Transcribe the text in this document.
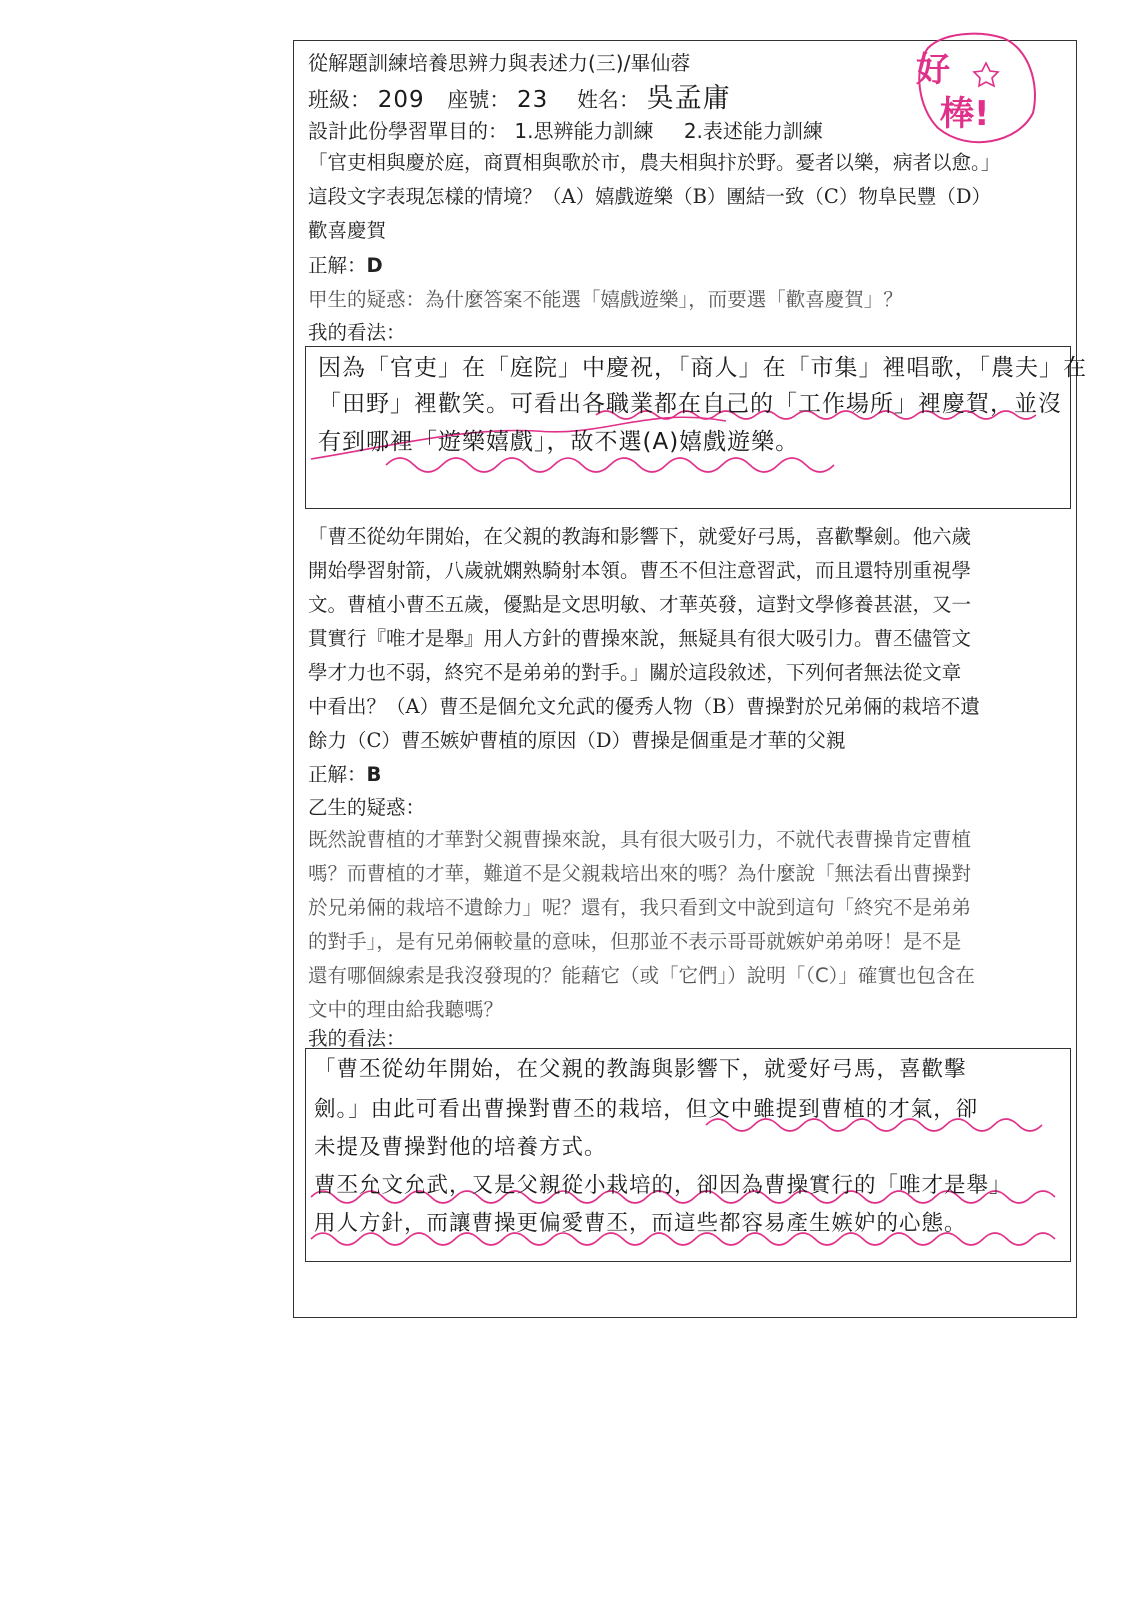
從解題訓練培養思辨力與表述力(三)/畢仙蓉
班級： 209 座號： 23 姓名： 吳孟庸
設計此份學習單目的： 1.思辨能力訓練 2.表述能力訓練
好
棒!
「官吏相與慶於庭，商賈相與歌於市，農夫相與抃於野。憂者以樂，病者以愈。」
這段文字表現怎樣的情境？（A）嬉戲遊樂（B）團結一致（C）物阜民豐（D）
歡喜慶賀
正解：D
甲生的疑惑：為什麼答案不能選「嬉戲遊樂」，而要選「歡喜慶賀」？
我的看法：
因為「官吏」在「庭院」中慶祝，「商人」在「市集」裡唱歌，「農夫」在
「田野」裡歡笑。可看出各職業都在自己的「工作場所」裡慶賀，並沒
有到哪裡「遊樂嬉戲」，故不選(A)嬉戲遊樂。
「曹丕從幼年開始，在父親的教誨和影響下，就愛好弓馬，喜歡擊劍。他六歲
開始學習射箭，八歲就嫻熟騎射本領。曹丕不但注意習武，而且還特別重視學
文。曹植小曹丕五歲，優點是文思明敏、才華英發，這對文學修養甚湛，又一
貫實行『唯才是舉』用人方針的曹操來說，無疑具有很大吸引力。曹丕儘管文
學才力也不弱，終究不是弟弟的對手。」關於這段敘述，下列何者無法從文章
中看出？（A）曹丕是個允文允武的優秀人物（B）曹操對於兄弟倆的栽培不遺
餘力（C）曹丕嫉妒曹植的原因（D）曹操是個重是才華的父親
正解：B
乙生的疑惑：
既然說曹植的才華對父親曹操來說，具有很大吸引力，不就代表曹操肯定曹植
嗎？而曹植的才華，難道不是父親栽培出來的嗎？為什麼說「無法看出曹操對
於兄弟倆的栽培不遺餘力」呢？還有，我只看到文中說到這句「終究不是弟弟
的對手」，是有兄弟倆較量的意味，但那並不表示哥哥就嫉妒弟弟呀！是不是
還有哪個線索是我沒發現的？能藉它（或「它們」）說明「（C）」確實也包含在
文中的理由給我聽嗎？
我的看法：
「曹丕從幼年開始，在父親的教誨與影響下，就愛好弓馬，喜歡擊
劍。」由此可看出曹操對曹丕的栽培，但文中雖提到曹植的才氣，卻
未提及曹操對他的培養方式。
曹丕允文允武，又是父親從小栽培的，卻因為曹操實行的「唯才是舉」
用人方針，而讓曹操更偏愛曹丕，而這些都容易產生嫉妒的心態。
